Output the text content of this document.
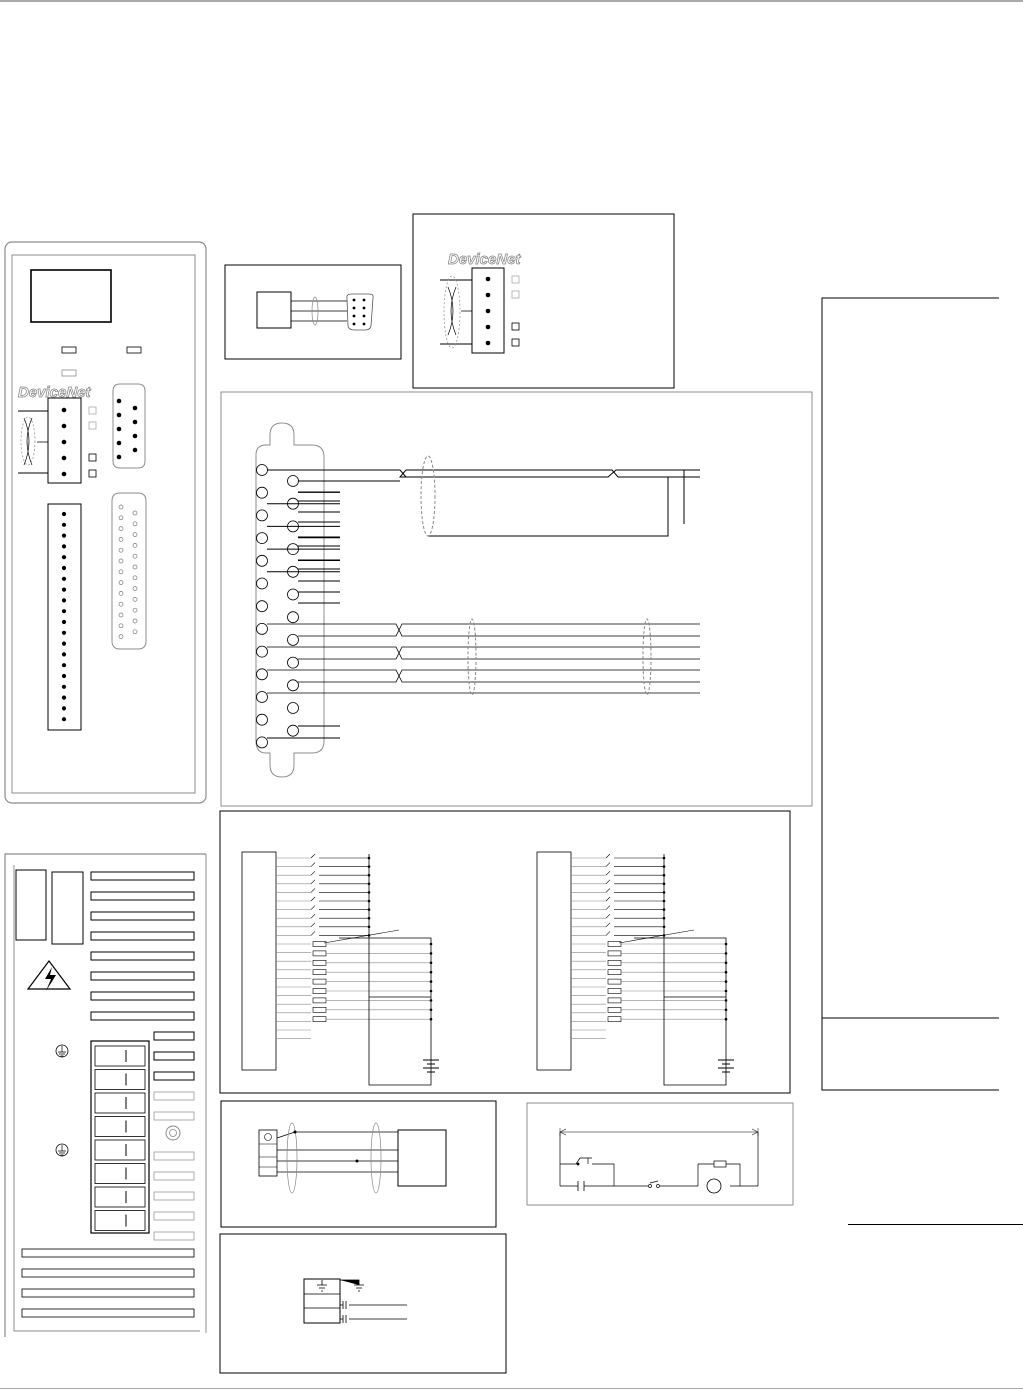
DeviceNet
DeviceNet
